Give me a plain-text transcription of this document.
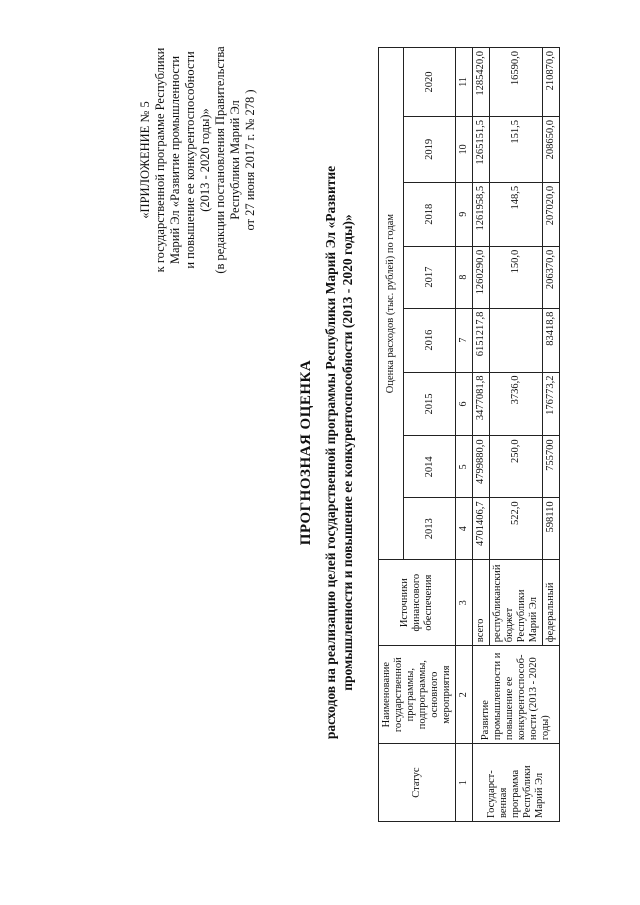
«ПРИЛОЖЕНИЕ № 5 к государственной программе Республики Марий Эл «Развитие промышленности и повышение ее конкурентоспособности (2013 - 2020 годы)» (в редакции постановления Правительства Республики Марий Эл от 27 июня 2017 г. № 278 )
ПРОГНОЗНАЯ ОЦЕНКА расходов на реализацию целей государственной программы Республики Марий Эл «Развитие промышленности и повышение ее конкурентоспособности (2013 - 2020 годы)»
Статус	Наименование государственной программы, подпрограммы, основного мероприятия	Источники финансового обеспечения	Оценка расходов (тыс. рублей) по годам							
			2013	2014	2015	2016	2017	2018	2019	2020
1	2	3	4	5	6	7	8	9	10	11
Государст-венная программа Республики Марий Эл	Развитие промышленности и повышение ее конкурентоспособ-ности (2013 - 2020 годы)	всего	4701406,7	4799880,0	3477081,8	6151217,8	1260290,0	1261958,5	1265151,5	1285420,0
		республиканский бюджет Республики Марий Эл	522,0	250,0	3736,0		150,0	148,5	151,5	16590,0
		федеральный	598110	755700	176773,2	83418,8	206370,0	207020,0	208650,0	210870,0
